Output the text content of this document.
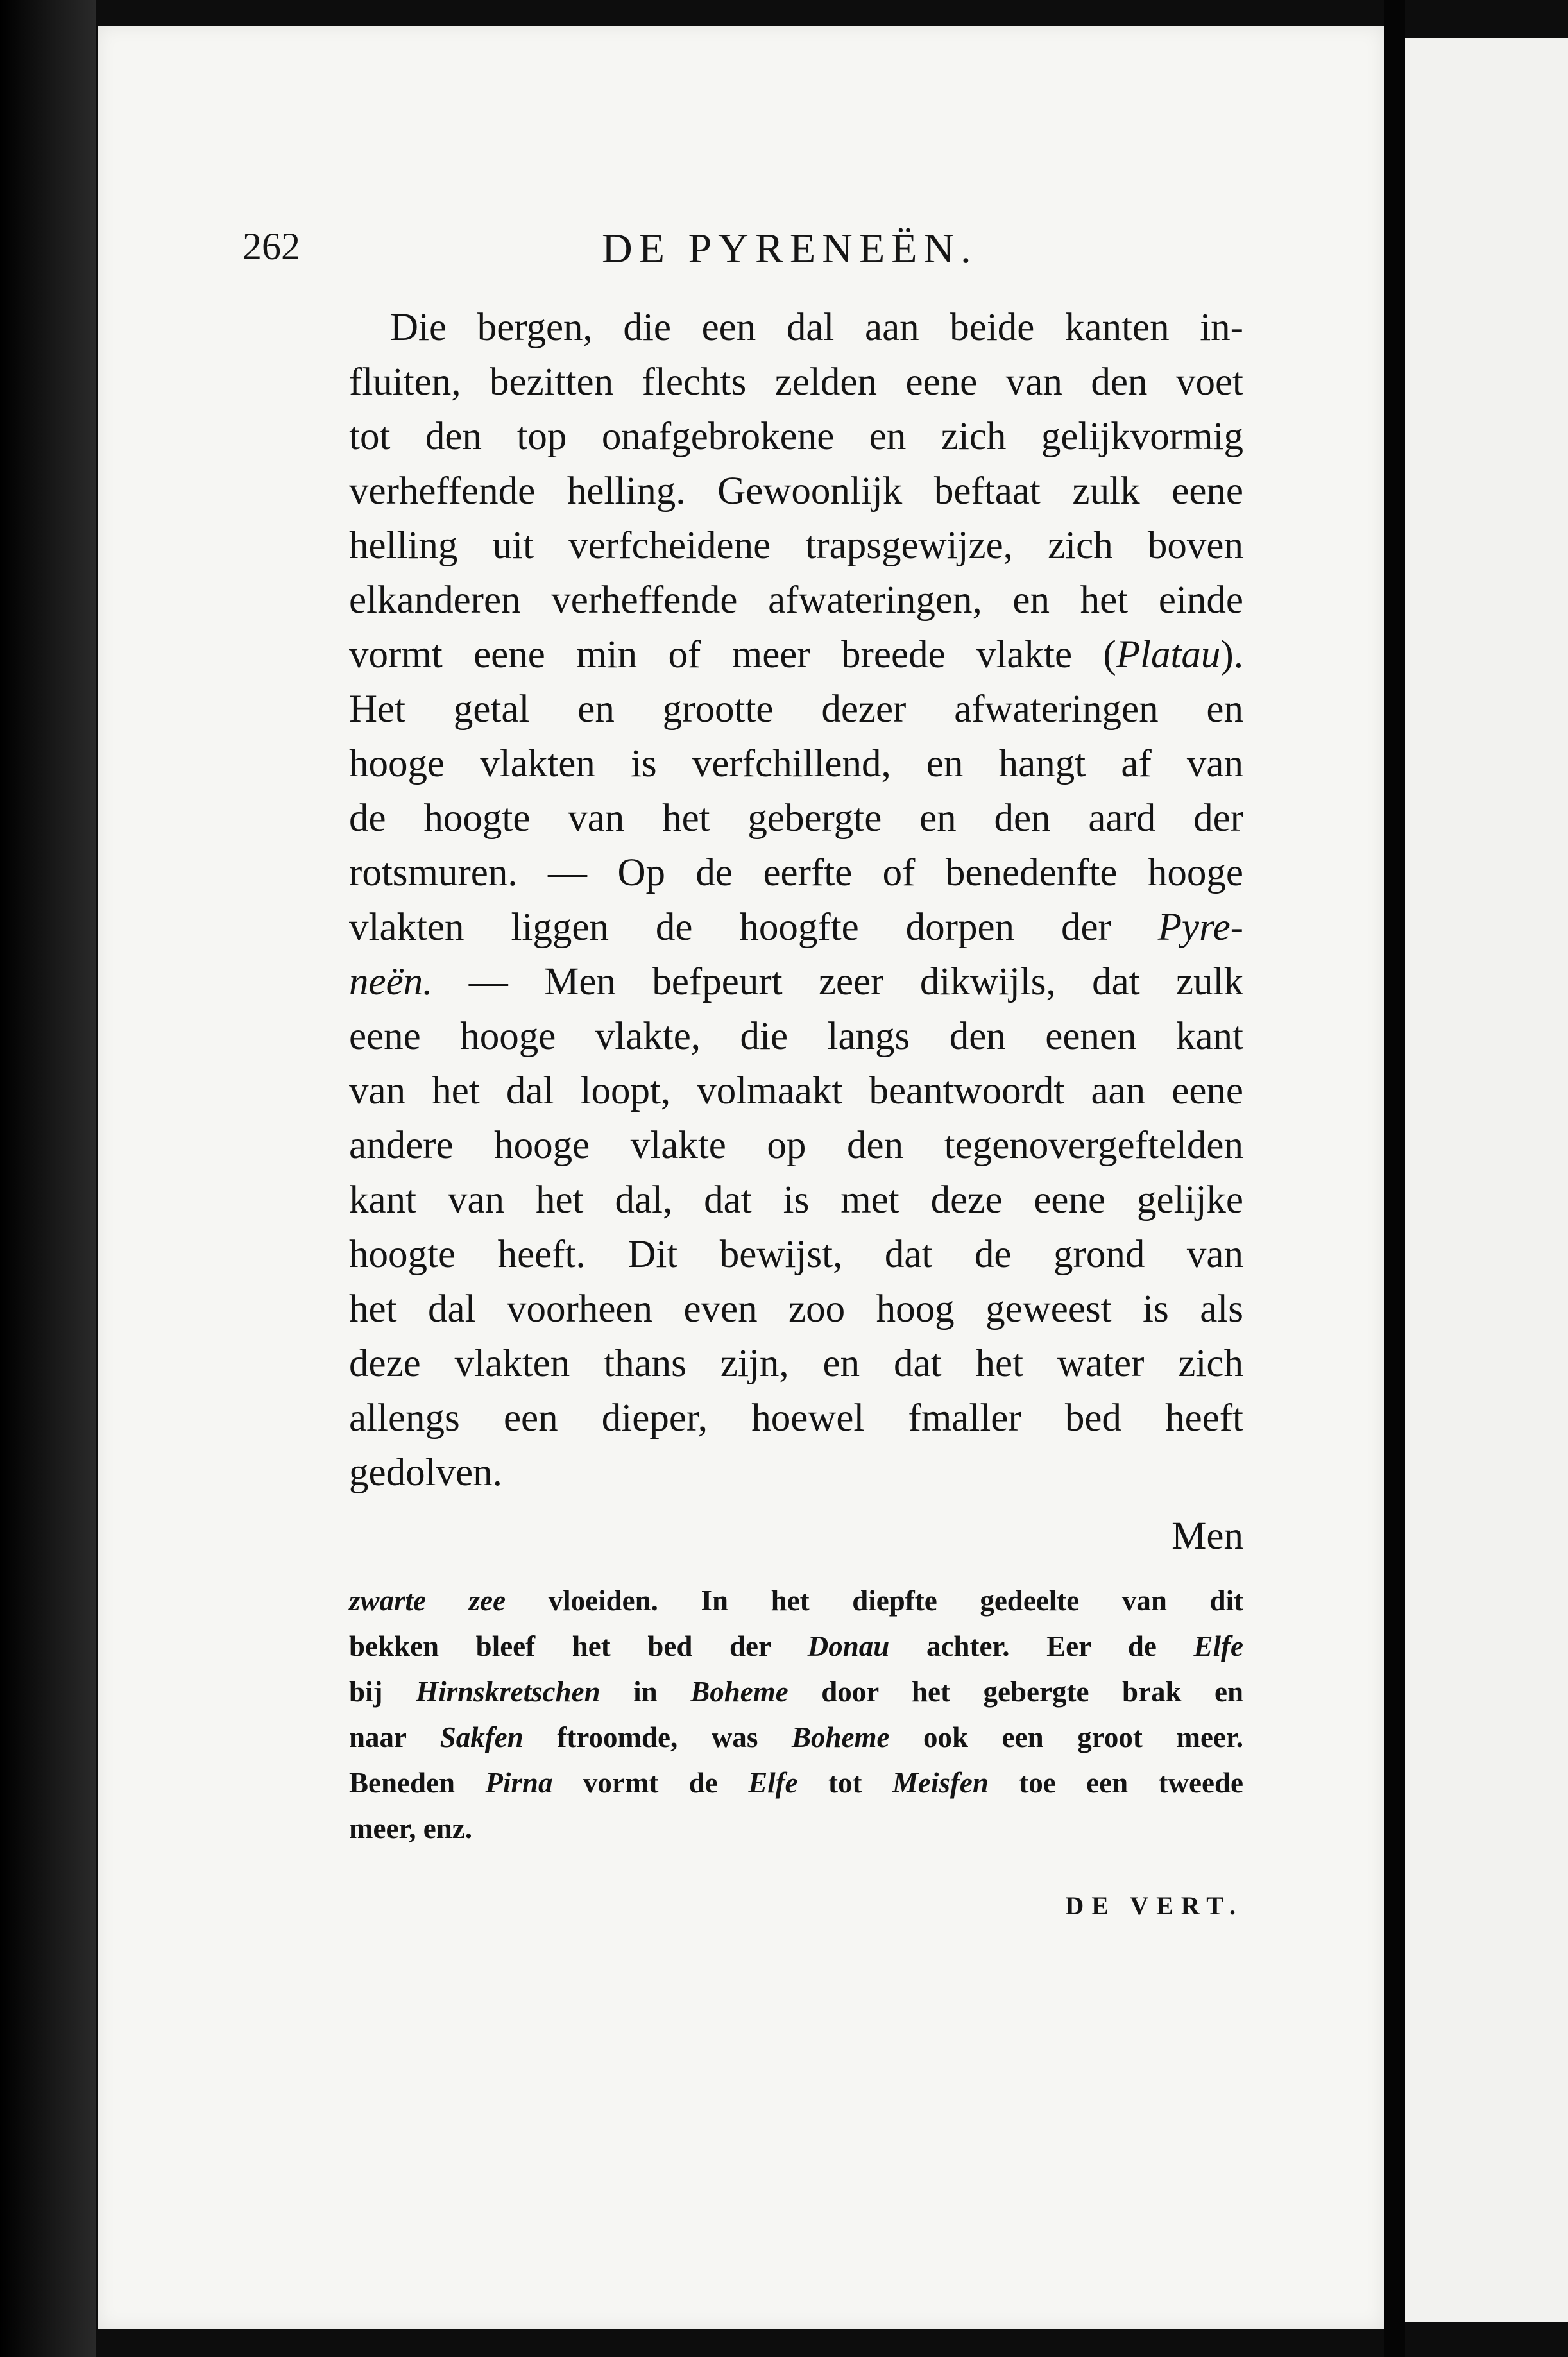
262	DE PYRENEËN.
Die bergen, die een dal aan beide kanten in-
fluiten, bezitten flechts zelden eene van den voet
tot den top onafgebrokene en zich gelijkvormig
verheffende helling. Gewoonlijk beftaat zulk eene
helling uit verfcheidene trapsgewijze, zich boven
elkanderen verheffende afwateringen, en het einde
vormt eene min of meer breede vlakte (Platau).
Het getal en grootte dezer afwateringen en
hooge vlakten is verfchillend, en hangt af van
de hoogte van het gebergte en den aard der
rotsmuren. — Op de eerfte of benedenfte hooge
vlakten liggen de hoogfte dorpen der Pyre-
neën. — Men befpeurt zeer dikwijls, dat zulk
eene hooge vlakte, die langs den eenen kant
van het dal loopt, volmaakt beantwoordt aan eene
andere hooge vlakte op den tegenovergeftelden
kant van het dal, dat is met deze eene gelijke
hoogte heeft. Dit bewijst, dat de grond van
het dal voorheen even zoo hoog geweest is als
deze vlakten thans zijn, en dat het water zich
allengs een dieper, hoewel fmaller bed heeft
gedolven.
Men
zwarte zee vloeiden. In het diepfte gedeelte van dit
bekken bleef het bed der Donau achter. Eer de Elfe
bij Hirnskretschen in Boheme door het gebergte brak en
naar Sakfen ftroomde, was Boheme ook een groot meer.
Beneden Pirna vormt de Elfe tot Meisfen toe een tweede
meer, enz.
DE VERT.
